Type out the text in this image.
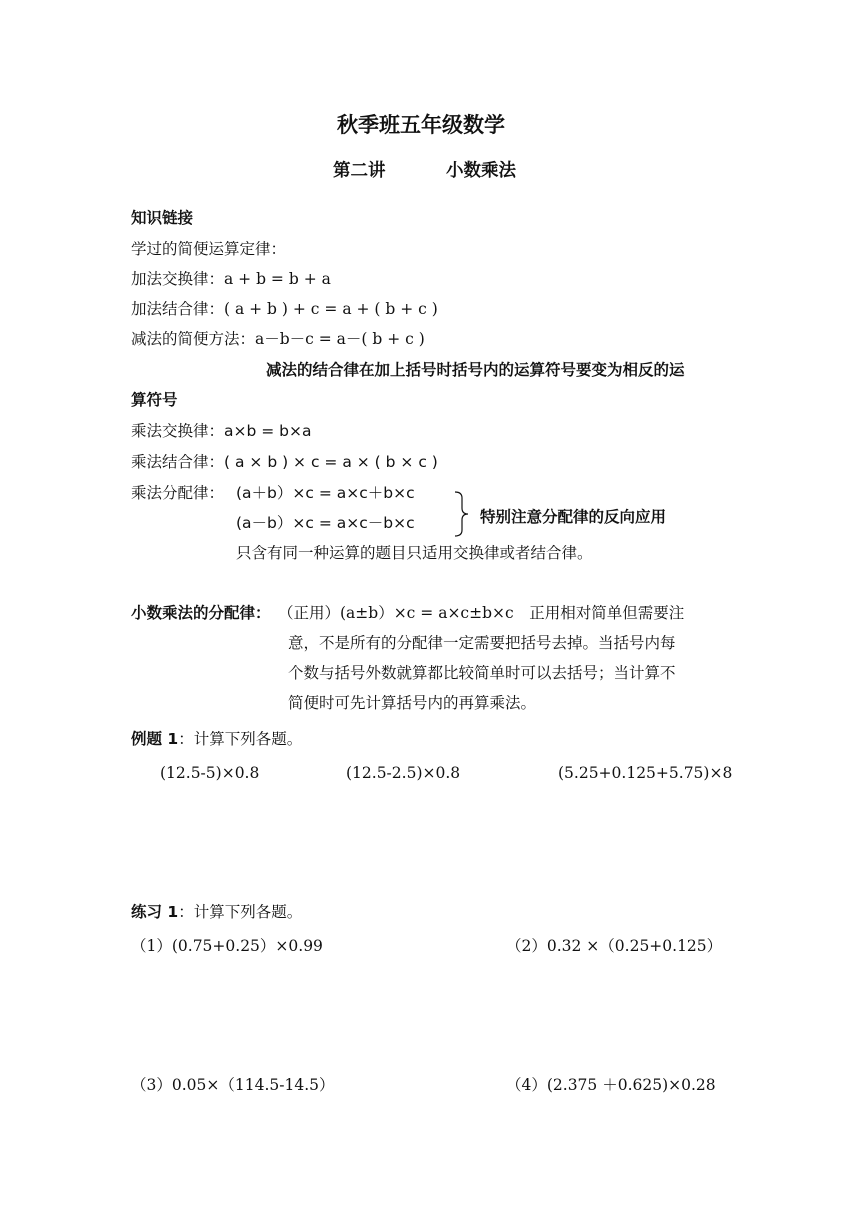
秋季班五年级数学
第二讲	小数乘法
知识链接
学过的简便运算定律：
加法交换律：a + b = b + a
加法结合律：( a + b ) + c = a + ( b + c )
减法的简便方法：a－b－c = a－( b + c )
减法的结合律在加上括号时括号内的运算符号要变为相反的运
算符号
乘法交换律：a×b = b×a
乘法结合律：( a × b ) × c = a × ( b × c )
乘法分配律： (a＋b）×c = a×c＋b×c
(a－b）×c = a×c－b×c	特别注意分配律的反向应用
只含有同一种运算的题目只适用交换律或者结合律。
小数乘法的分配律： （正用）(a±b）×c = a×c±b×c　正用相对简单但需要注
意，不是所有的分配律一定需要把括号去掉。当括号内每
个数与括号外数就算都比较简单时可以去括号；当计算不
简便时可先计算括号内的再算乘法。
例题 1：计算下列各题。
(12.5-5)×0.8	(12.5-2.5)×0.8	(5.25+0.125+5.75)×8
练习 1：计算下列各题。
（1）(0.75+0.25）×0.99	（2）0.32 ×（0.25+0.125）
（3）0.05×（114.5-14.5）	（4）(2.375 ＋0.625)×0.28
